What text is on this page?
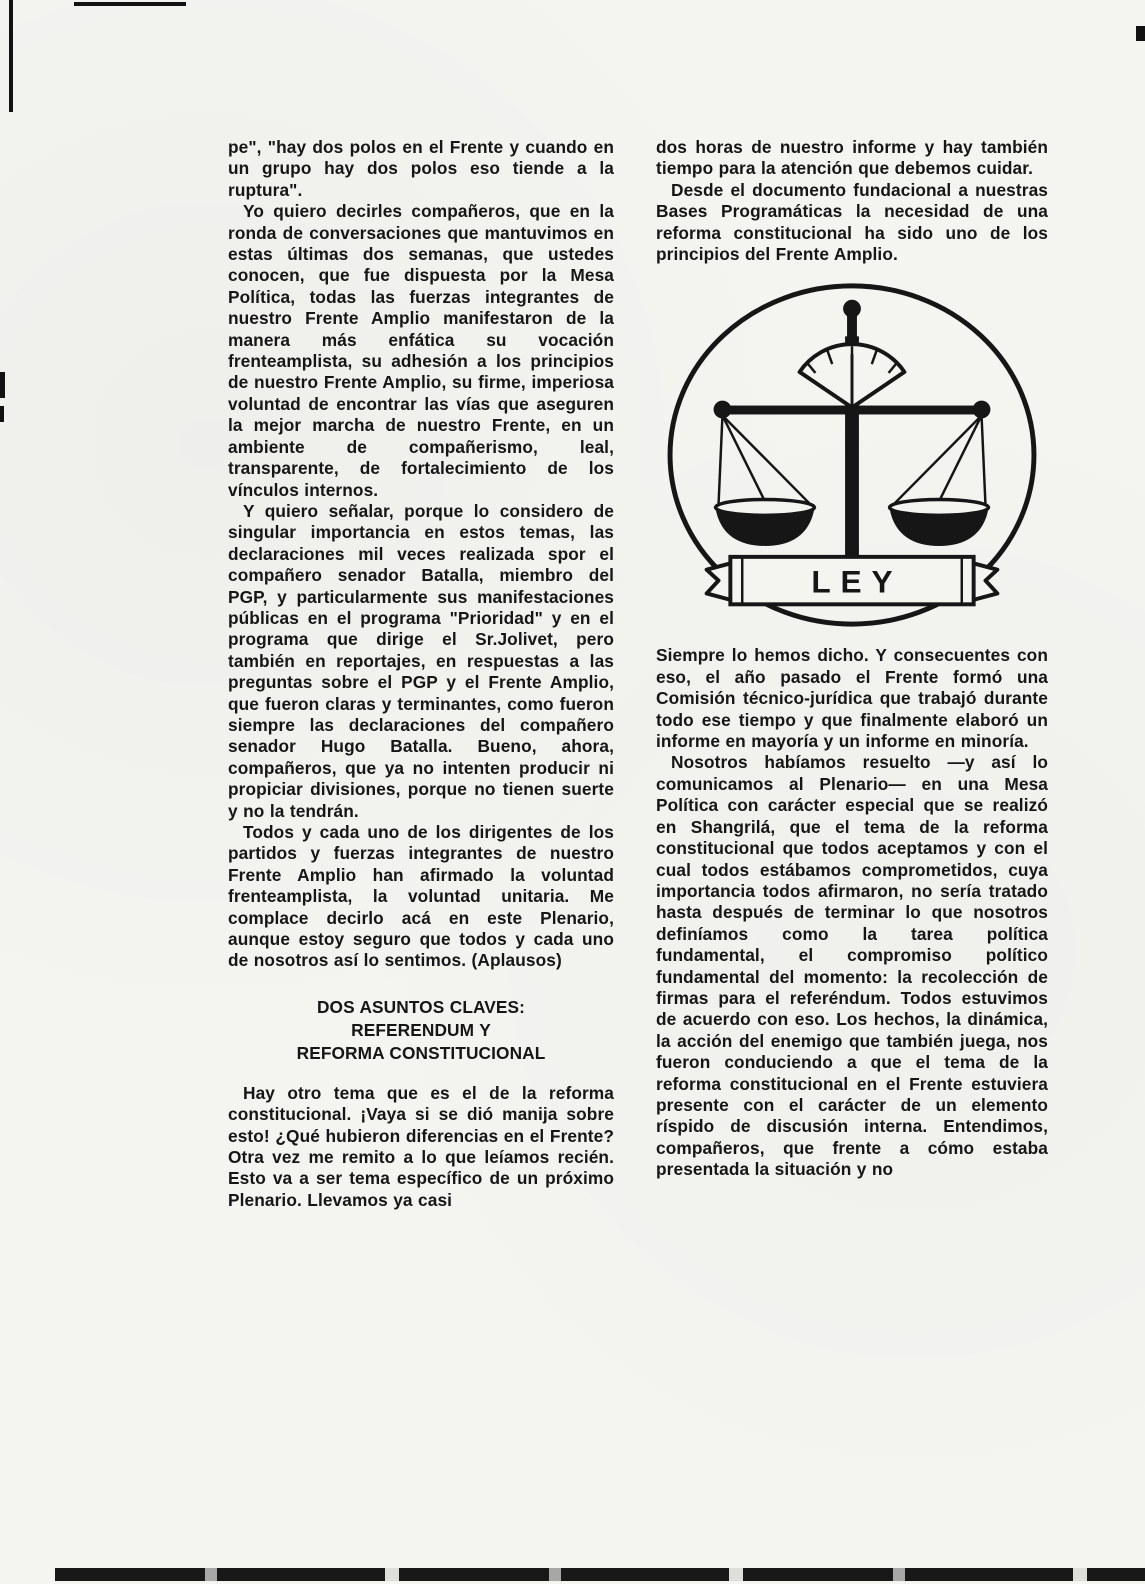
pe", "hay dos polos en el Frente y cuando en un grupo hay dos polos eso tiende a la ruptura".

Yo quiero decirles compañeros, que en la ronda de conversaciones que mantuvimos en estas últimas dos semanas, que ustedes conocen, que fue dispuesta por la Mesa Política, todas las fuerzas integrantes de nuestro Frente Amplio manifestaron de la manera más enfática su vocación frenteamplista, su adhesión a los principios de nuestro Frente Amplio, su firme, imperiosa voluntad de encontrar las vías que aseguren la mejor marcha de nuestro Frente, en un ambiente de compañerismo, leal, transparente, de fortalecimiento de los vínculos internos.

Y quiero señalar, porque lo considero de singular importancia en estos temas, las declaraciones mil veces realizada spor el compañero senador Batalla, miembro del PGP, y particularmente sus manifestaciones públicas en el programa "Prioridad" y en el programa que dirige el Sr.Jolivet, pero también en reportajes, en respuestas a las preguntas sobre el PGP y el Frente Amplio, que fueron claras y terminantes, como fueron siempre las declaraciones del compañero senador Hugo Batalla. Bueno, ahora, compañeros, que ya no intenten producir ni propiciar divisiones, porque no tienen suerte y no la tendrán.

Todos y cada uno de los dirigentes de los partidos y fuerzas integrantes de nuestro Frente Amplio han afirmado la voluntad frenteamplista, la voluntad unitaria. Me complace decirlo acá en este Plenario, aunque estoy seguro que todos y cada uno de nosotros así lo sentimos. (Aplausos)

DOS ASUNTOS CLAVES:
REFERENDUM Y
REFORMA CONSTITUCIONAL

Hay otro tema que es el de la reforma constitucional. ¡Vaya si se dió manija sobre esto! ¿Qué hubieron diferencias en el Frente? Otra vez me remito a lo que leíamos recién. Esto va a ser tema específico de un próximo Plenario. Llevamos ya casi

dos horas de nuestro informe y hay también tiempo para la atención que debemos cuidar.

Desde el documento fundacional a nuestras Bases Programáticas la necesidad de una reforma constitucional ha sido uno de los principios del Frente Amplio.

LEY

Siempre lo hemos dicho. Y consecuentes con eso, el año pasado el Frente formó una Comisión técnico-jurídica que trabajó durante todo ese tiempo y que finalmente elaboró un informe en mayoría y un informe en minoría.

Nosotros habíamos resuelto —y así lo comunicamos al Plenario— en una Mesa Política con carácter especial que se realizó en Shangrilá, que el tema de la reforma constitucional que todos aceptamos y con el cual todos estábamos comprometidos, cuya importancia todos afirmaron, no sería tratado hasta después de terminar lo que nosotros definíamos como la tarea política fundamental, el compromiso político fundamental del momento: la recolección de firmas para el referéndum. Todos estuvimos de acuerdo con eso. Los hechos, la dinámica, la acción del enemigo que también juega, nos fueron conduciendo a que el tema de la reforma constitucional en el Frente estuviera presente con el carácter de un elemento ríspido de discusión interna. Entendimos, compañeros, que frente a cómo estaba presentada la situación y no
